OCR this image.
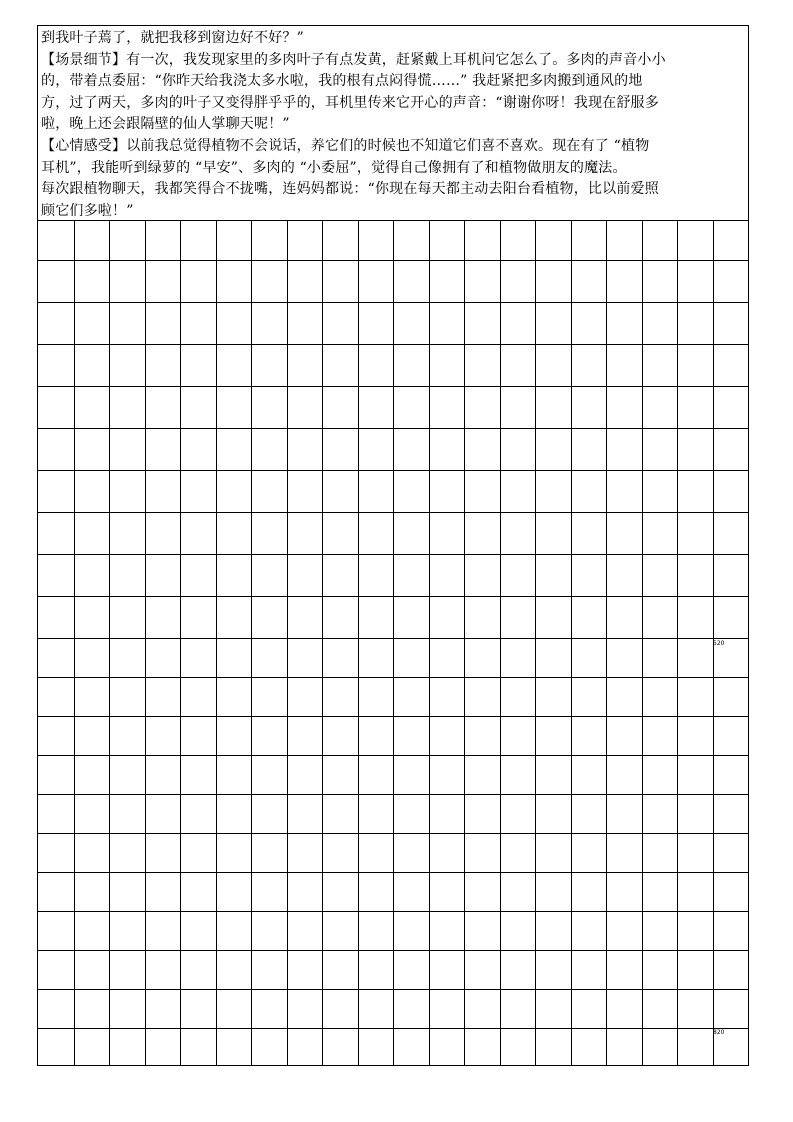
到我叶子蔫了，就把我移到窗边好不好？”
【场景细节】有一次，我发现家里的多肉叶子有点发黄，赶紧戴上耳机问它怎么了。多肉的声音小小
的，带着点委屈：“你昨天给我浇太多水啦，我的根有点闷得慌……” 我赶紧把多肉搬到通风的地
方，过了两天，多肉的叶子又变得胖乎乎的，耳机里传来它开心的声音：“谢谢你呀！我现在舒服多
啦，晚上还会跟隔壁的仙人掌聊天呢！”
【心情感受】以前我总觉得植物不会说话，养它们的时候也不知道它们喜不喜欢。现在有了 “植物
耳机”，我能听到绿萝的 “早安”、多肉的 “小委屈”，觉得自己像拥有了和植物做朋友的魔法。
每次跟植物聊天，我都笑得合不拢嘴，连妈妈都说：“你现在每天都主动去阳台看植物，比以前爱照
顾它们多啦！”
520
820
